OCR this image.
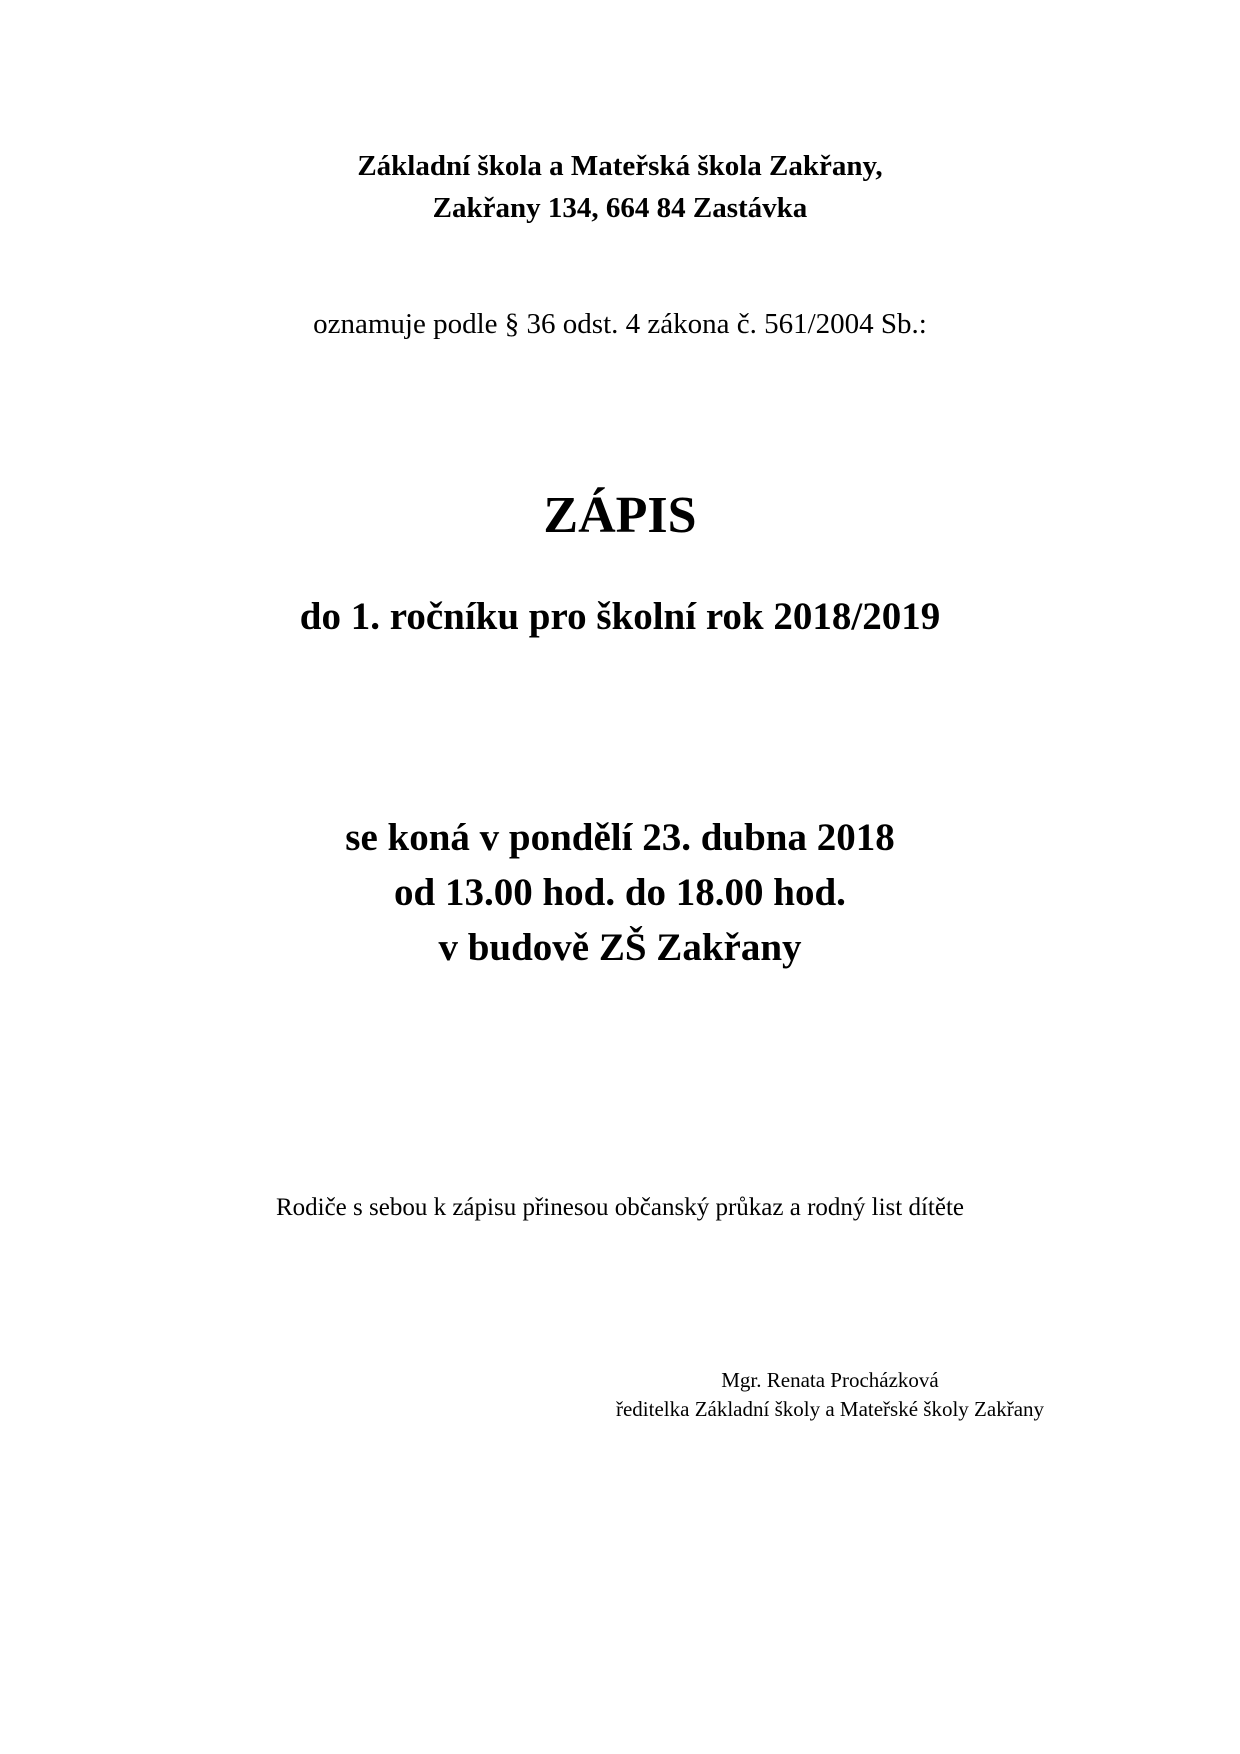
Základní škola a Mateřská škola Zakřany,
Zakřany 134, 664 84 Zastávka
oznamuje podle § 36 odst. 4 zákona č. 561/2004 Sb.:
ZÁPIS
do 1. ročníku pro školní rok 2018/2019
se koná v pondělí 23. dubna 2018
od 13.00 hod. do 18.00 hod.
v budově ZŠ Zakřany
Rodiče s sebou k zápisu přinesou občanský průkaz a rodný list dítěte
Mgr. Renata Procházková
ředitelka Základní školy a Mateřské školy Zakřany
